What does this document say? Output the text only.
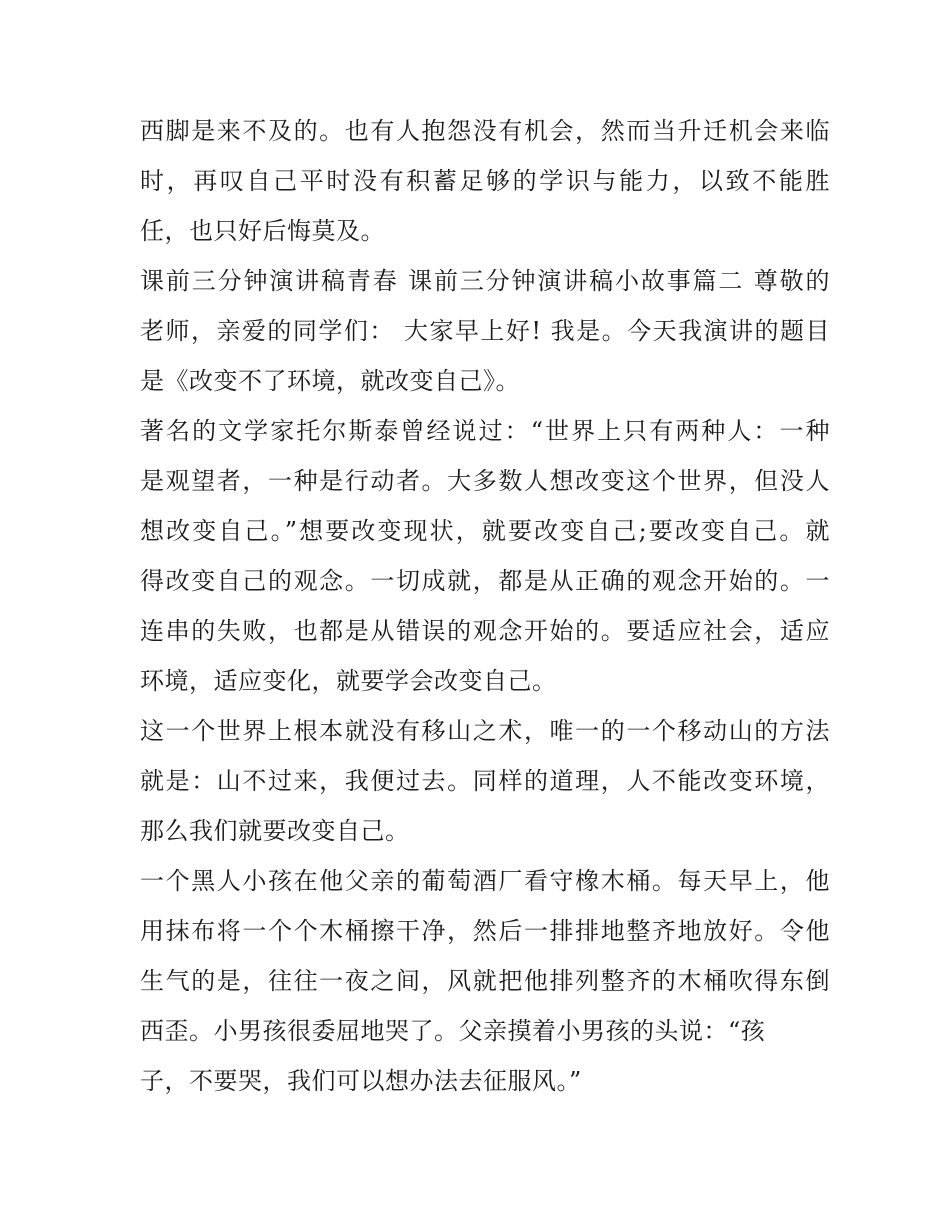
西脚是来不及的。也有人抱怨没有机会，然而当升迁机会来临
时，再叹自己平时没有积蓄足够的学识与能力，以致不能胜
任，也只好后悔莫及。
课前三分钟演讲稿青春 课前三分钟演讲稿小故事篇二 尊敬的
老师，亲爱的同学们： 大家早上好! 我是。今天我演讲的题目
是《改变不了环境，就改变自己》。
著名的文学家托尔斯泰曾经说过：“世界上只有两种人：一种
是观望者，一种是行动者。大多数人想改变这个世界，但没人
想改变自己。”想要改变现状，就要改变自己;要改变自己。就
得改变自己的观念。一切成就，都是从正确的观念开始的。一
连串的失败，也都是从错误的观念开始的。要适应社会，适应
环境，适应变化，就要学会改变自己。
这一个世界上根本就没有移山之术，唯一的一个移动山的方法
就是：山不过来，我便过去。同样的道理，人不能改变环境，
那么我们就要改变自己。
一个黑人小孩在他父亲的葡萄酒厂看守橡木桶。每天早上，他
用抹布将一个个木桶擦干净，然后一排排地整齐地放好。令他
生气的是，往往一夜之间，风就把他排列整齐的木桶吹得东倒
西歪。小男孩很委屈地哭了。父亲摸着小男孩的头说：“孩
子，不要哭，我们可以想办法去征服风。”
